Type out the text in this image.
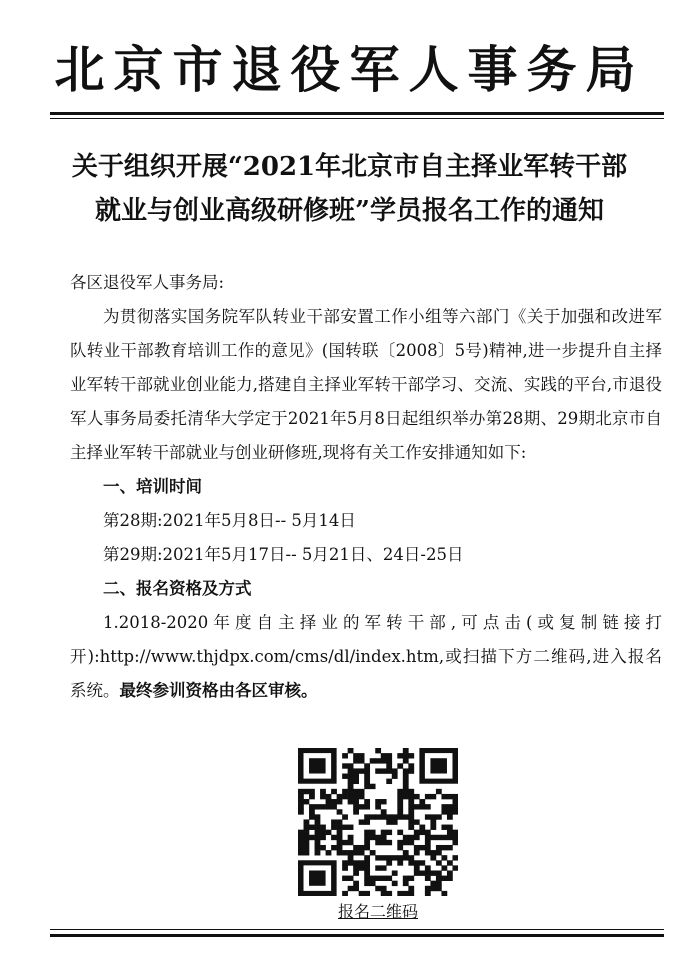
北京市退役军人事务局
关于组织开展“2021年北京市自主择业军转干部
就业与创业高级研修班”学员报名工作的通知

各区退役军人事务局:

为贯彻落实国务院军队转业干部安置工作小组等六部门《关于加强和改进军队转业干部教育培训工作的意见》(国转联〔2008〕5号)精神,进一步提升自主择业军转干部就业创业能力,搭建自主择业军转干部学习、交流、实践的平台,市退役军人事务局委托清华大学定于2021年5月8日起组织举办第28期、29期北京市自主择业军转干部就业与创业研修班,现将有关工作安排通知如下:

一、培训时间

第28期:2021年5月8日-- 5月14日

第29期:2021年5月17日-- 5月21日、24日-25日

二、报名资格及方式

1.2018-2020年度自主择业的军转干部,可点击(或复制链接打开):http://www.thjdpx.com/cms/dl/index.htm,或扫描下方二维码,进入报名系统。最终参训资格由各区审核。

报名二维码
